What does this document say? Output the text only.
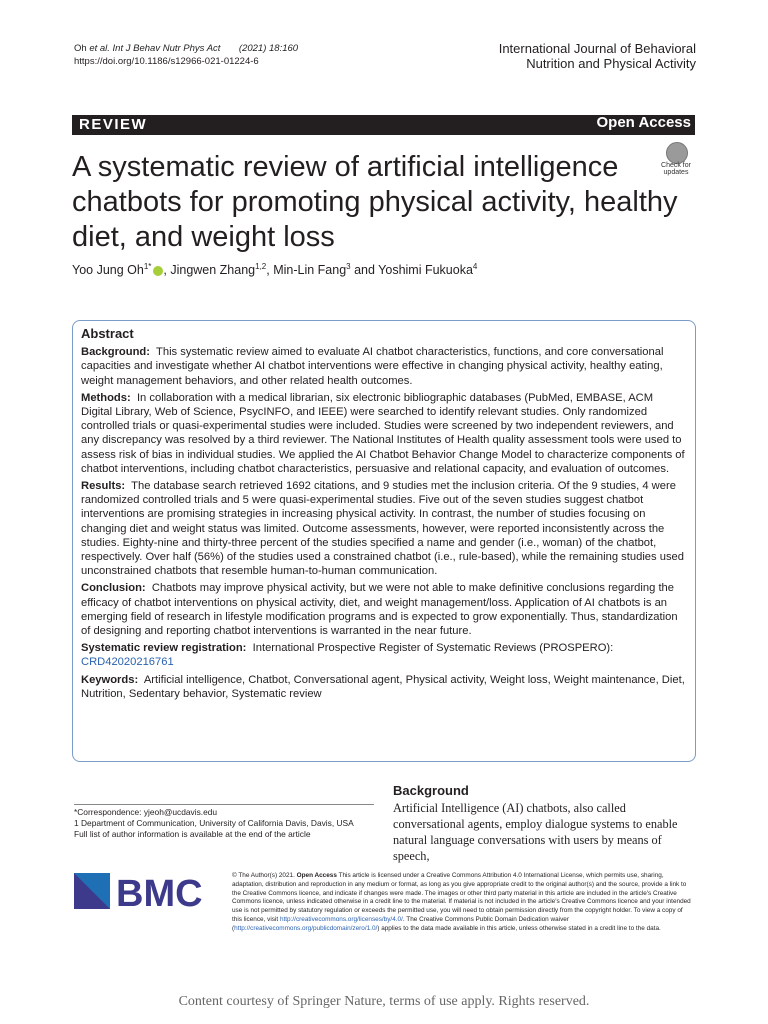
Oh et al. Int J Behav Nutr Phys Act (2021) 18:160
https://doi.org/10.1186/s12966-021-01224-6
International Journal of Behavioral
Nutrition and Physical Activity
REVIEW	Open Access
A systematic review of artificial intelligence chatbots for promoting physical activity, healthy diet, and weight loss
Check for
updates
Yoo Jung $Oh^{1*}$ , Jingwen Zhang$^{1,2}$, Min-Lin Fang$^3$ and Yoshimi Fukuoka$^4$
Abstract

Background: This systematic review aimed to evaluate AI chatbot characteristics, functions, and core conversational capacities and investigate whether AI chatbot interventions were effective in changing physical activity, healthy eating, weight management behaviors, and other related health outcomes.

Methods: In collaboration with a medical librarian, six electronic bibliographic databases (PubMed, EMBASE, ACM Digital Library, Web of Science, PsycINFO, and IEEE) were searched to identify relevant studies. Only randomized controlled trials or quasi-experimental studies were included. Studies were screened by two independent reviewers, and any discrepancy was resolved by a third reviewer. The National Institutes of Health quality assessment tools were used to assess risk of bias in individual studies. We applied the AI Chatbot Behavior Change Model to characterize components of chatbot interventions, including chatbot characteristics, persuasive and relational capacity, and evaluation of outcomes.

Results: The database search retrieved 1692 citations, and 9 studies met the inclusion criteria. Of the 9 studies, 4 were randomized controlled trials and 5 were quasi-experimental studies. Five out of the seven studies suggest chatbot interventions are promising strategies in increasing physical activity. In contrast, the number of studies focusing on changing diet and weight status was limited. Outcome assessments, however, were reported inconsistently across the studies. Eighty-nine and thirty-three percent of the studies specified a name and gender (i.e., woman) of the chatbot, respectively. Over half (56%) of the studies used a constrained chatbot (i.e., rule-based), while the remaining studies used unconstrained chatbots that resemble human-to-human communication.

Conclusion: Chatbots may improve physical activity, but we were not able to make definitive conclusions regarding the efficacy of chatbot interventions on physical activity, diet, and weight management/loss. Application of AI chatbots is an emerging field of research in lifestyle modification programs and is expected to grow exponentially. Thus, standardization of designing and reporting chatbot interventions is warranted in the near future.

Systematic review registration: International Prospective Register of Systematic Reviews (PROSPERO): CRD42020216761

Keywords: Artificial intelligence, Chatbot, Conversational agent, Physical activity, Weight loss, Weight maintenance, Diet, Nutrition, Sedentary behavior, Systematic review

*Correspondence: yjeoh@ucdavis.edu
1 Department of Communication, University of California Davis, Davis, USA
Full list of author information is available at the end of the article
Background
Artificial Intelligence (AI) chatbots, also called conversational agents, employ dialogue systems to enable natural language conversations with users by means of speech,
BMC	© The Author(s) 2021. Open Access This article is licensed under a Creative Commons Attribution 4.0 International License, which permits use, sharing, adaptation, distribution and reproduction in any medium or format, as long as you give appropriate credit to the original author(s) and the source, provide a link to the Creative Commons licence, and indicate if changes were made. The images or other third party material in this article are included in the article's Creative Commons licence, unless indicated otherwise in a credit line to the material. If material is not included in the article's Creative Commons licence and your intended use is not permitted by statutory regulation or exceeds the permitted use, you will need to obtain permission directly from the copyright holder. To view a copy of this licence, visit http://creativecommons.org/licenses/by/4.0/. The Creative Commons Public Domain Dedication waiver (http://creativecommons.org/publicdomain/zero/1.0/) applies to the data made available in this article, unless otherwise stated in a credit line to the data.
Content courtesy of Springer Nature, terms of use apply. Rights reserved.
